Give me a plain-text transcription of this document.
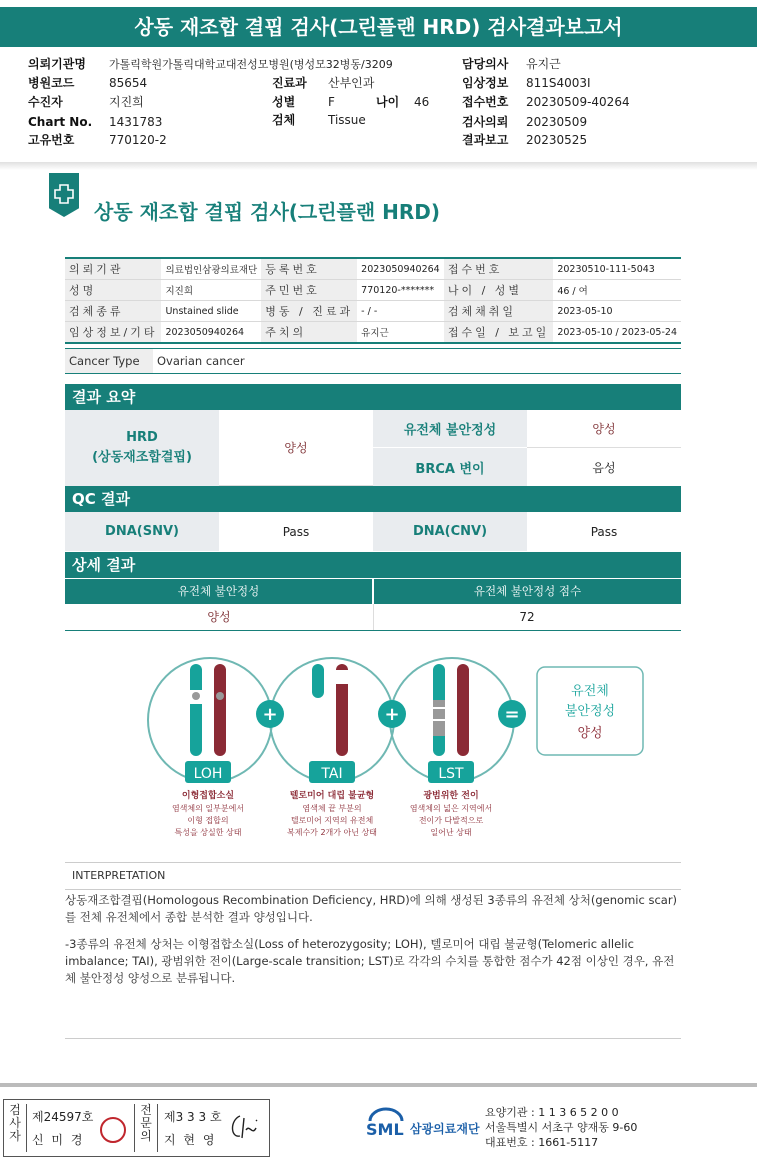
상동 재조합 결핍 검사(그린플랜 HRD) 검사결과보고서
의뢰기관명 가톨릭학원가톨릭대학교대전성모병원(병성모32병동/3209	담당의사 유지근
병원코드	85654	진료과 산부인과	임상정보 811S4003I
수진자	지진희	성별	F	나이 46	접수번호 20230509-40264
Chart No. 1431783	검체	Tissue	검사의뢰 20230509
고유번호	770120-2	결과보고 20230525
상동 재조합 결핍 검사(그린플랜 HRD)
의뢰기관	의료법인삼광의료재단	등록번호	2023050940264	접수번호	20230510-111-5043
성명	지진희	주민번호	770120-*******	나이 / 성별	46 / 여
검체종류	Unstained slide	병동 / 진료과	- / -	검체채취일	2023-05-10
임상정보/기타	2023050940264	주치의	유지근	접수일 / 보고일	2023-05-10 / 2023-05-24
Cancer Type	Ovarian cancer
결과 요약
HRD
(상동재조합결핍)
양성
유전체 불안정성	양성
BRCA 변이	음성
QC 결과
DNA(SNV)	Pass	DNA(CNV)	Pass
상세 결과
유전체 불안정성	유전체 불안정성 점수
양성	72
+	+	=
유전체
불안정성
양성
LOH	TAI	LST
이형접합소실
염색체의 일부분에서
이형 접합의
특성을 상실한 상태
텔로미어 대립 불균형
염색체 끝 부분의
텔로미어 지역의 유전체
복제수가 2개가 아닌 상태
광범위한 전이
염색체의 넓은 지역에서
전이가 다발적으로
일어난 상태
INTERPRETATION
상동재조합결핍(Homologous Recombination Deficiency, HRD)에 의해 생성된 3종류의 유전체 상처(genomic scar)를 전체 유전체에서 종합 분석한 결과 양성입니다.
-3종류의 유전체 상처는 이형접합소실(Loss of heterozygosity; LOH), 텔로미어 대립 불균형(Telomeric allelic imbalance; TAI), 광범위한 전이(Large-scale transition; LST)로 각각의 수치를 통합한 점수가 42점 이상인 경우, 유전체 불안정성 양성으로 분류됩니다.
검사자
제24597호
신 미 경
전문의
제3 3 3 호
지 현 영
SML 삼광의료재단
요양기관 : 1 1 3 6 5 2 0 0
서울특별시 서초구 양재동 9-60
대표번호 : 1661-5117
